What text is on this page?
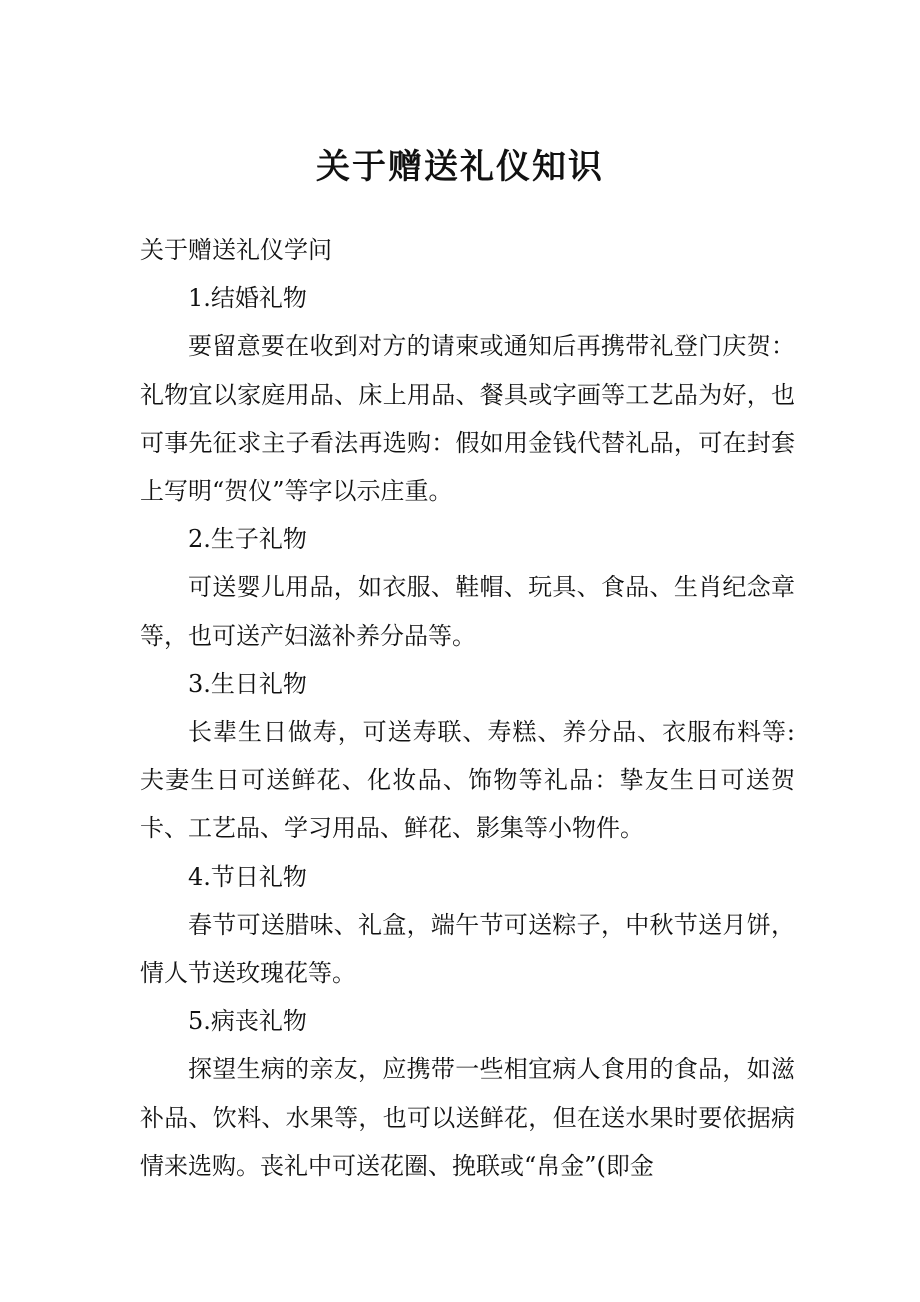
关于赠送礼仪知识

关于赠送礼仪学问

1.结婚礼物

要留意要在收到对方的请柬或通知后再携带礼登门庆贺：礼物宜以家庭用品、床上用品、餐具或字画等工艺品为好，也可事先征求主子看法再选购：假如用金钱代替礼品，可在封套上写明“贺仪”等字以示庄重。

2.生子礼物

可送婴儿用品，如衣服、鞋帽、玩具、食品、生肖纪念章等，也可送产妇滋补养分品等。

3.生日礼物

长辈生日做寿，可送寿联、寿糕、养分品、衣服布料等:夫妻生日可送鲜花、化妆品、饰物等礼品：挚友生日可送贺卡、工艺品、学习用品、鲜花、影集等小物件。

4.节日礼物

春节可送腊味、礼盒，端午节可送粽子，中秋节送月饼，情人节送玫瑰花等。

5.病丧礼物

探望生病的亲友，应携带一些相宜病人食用的食品，如滋补品、饮料、水果等，也可以送鲜花，但在送水果时要依据病情来选购。丧礼中可送花圈、挽联或“帛金”(即金
